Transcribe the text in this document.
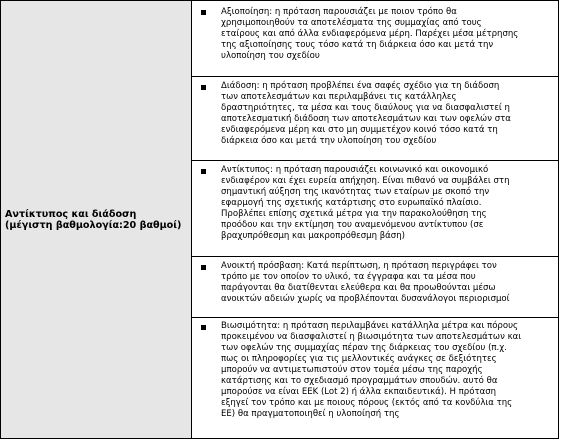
Αντίκτυπος και διάδοση
(μέγιστη βαθμολογία:20 βαθμοί)
Αξιοποίηση: η πρόταση παρουσιάζει με ποιον τρόπο θα
χρησιμοποιηθούν τα αποτελέσματα της συμμαχίας από τους
εταίρους και από άλλα ενδιαφερόμενα μέρη. Παρέχει μέσα μέτρησης
της αξιοποίησης τους τόσο κατά τη διάρκεια όσο και μετά την
υλοποίηση του σχεδίου
Διάδοση: η πρόταση προβλέπει ένα σαφές σχέδιο για τη διάδοση
των αποτελεσμάτων και περιλαμβάνει τις κατάλληλες
δραστηριότητες, τα μέσα και τους διαύλους για να διασφαλιστεί η
αποτελεσματική διάδοση των αποτελεσμάτων και των οφελών στα
ενδιαφερόμενα μέρη και στο μη συμμετέχον κοινό τόσο κατά τη
διάρκεια όσο και μετά την υλοποίηση του σχεδίου
Αντίκτυπος: η πρόταση παρουσιάζει κοινωνικό και οικονομικό
ενδιαφέρον και έχει ευρεία απήχηση. Είναι πιθανό να συμβάλει στη
σημαντική αύξηση της ικανότητας των εταίρων με σκοπό την
εφαρμογή της σχετικής κατάρτισης στο ευρωπαϊκό πλαίσιο.
Προβλέπει επίσης σχετικά μέτρα για την παρακολούθηση της
προόδου και την εκτίμηση του αναμενόμενου αντίκτυπου (σε
βραχυπρόθεσμη και μακροπρόθεσμη βάση)
Ανοικτή πρόσβαση: Κατά περίπτωση, η πρόταση περιγράφει τον
τρόπο με τον οποίον το υλικό, τα έγγραφα και τα μέσα που
παράγονται θα διατίθενται ελεύθερα και θα προωθούνται μέσω
ανοικτών αδειών χωρίς να προβλέπονται δυσανάλογοι περιορισμοί
Βιωσιμότητα: η πρόταση περιλαμβάνει κατάλληλα μέτρα και πόρους
προκειμένου να διασφαλιστεί η βιωσιμότητα των αποτελεσμάτων και
των οφελών της συμμαχίας πέραν της διάρκειας του σχεδίου (π.χ.
πως οι πληροφορίες για τις μελλοντικές ανάγκες σε δεξιότητες
μπορούν να αντιμετωπιστούν στον τομέα μέσω της παροχής
κατάρτισης και το σχεδιασμό προγραμμάτων σπουδών. αυτό θα
μπορούσε να είναι ΕΕΚ (Lot 2) ή άλλα εκπαιδευτικά). Η πρόταση
εξηγεί τον τρόπο και με ποιους πόρους (εκτός από τα κονδύλια της
ΕΕ) θα πραγματοποιηθεί η υλοποίησή της
